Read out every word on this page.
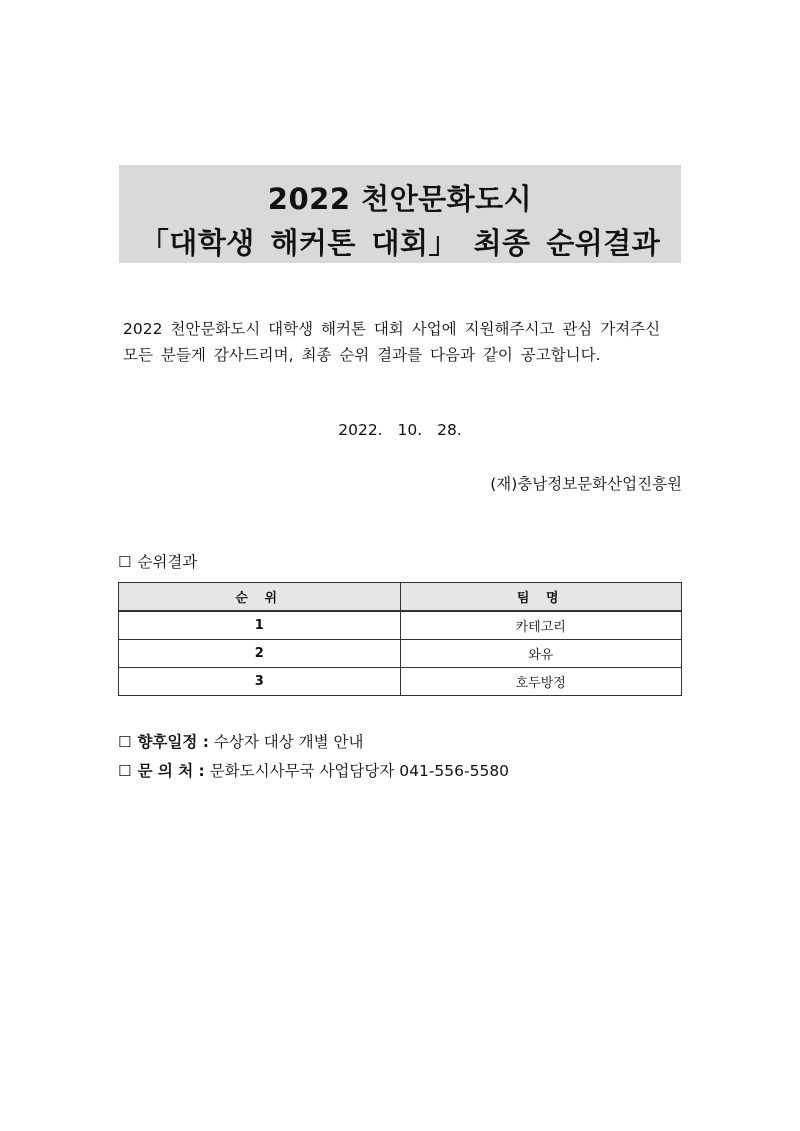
2022 천안문화도시
「대학생 해커톤 대회」 최종 순위결과
2022 천안문화도시 대학생 해커톤 대회 사업에 지원해주시고 관심 가져주신
모든 분들게 감사드리며, 최종 순위 결과를 다음과 같이 공고합니다.
2022. 10. 28.
(재)충남정보문화산업진흥원
☐ 순위결과
순 위	팀 명
1	카테고리
2	와유
3	호두방정
☐ 향후일정 : 수상자 대상 개별 안내
☐ 문 의 처 : 문화도시사무국 사업담당자 041-556-5580
